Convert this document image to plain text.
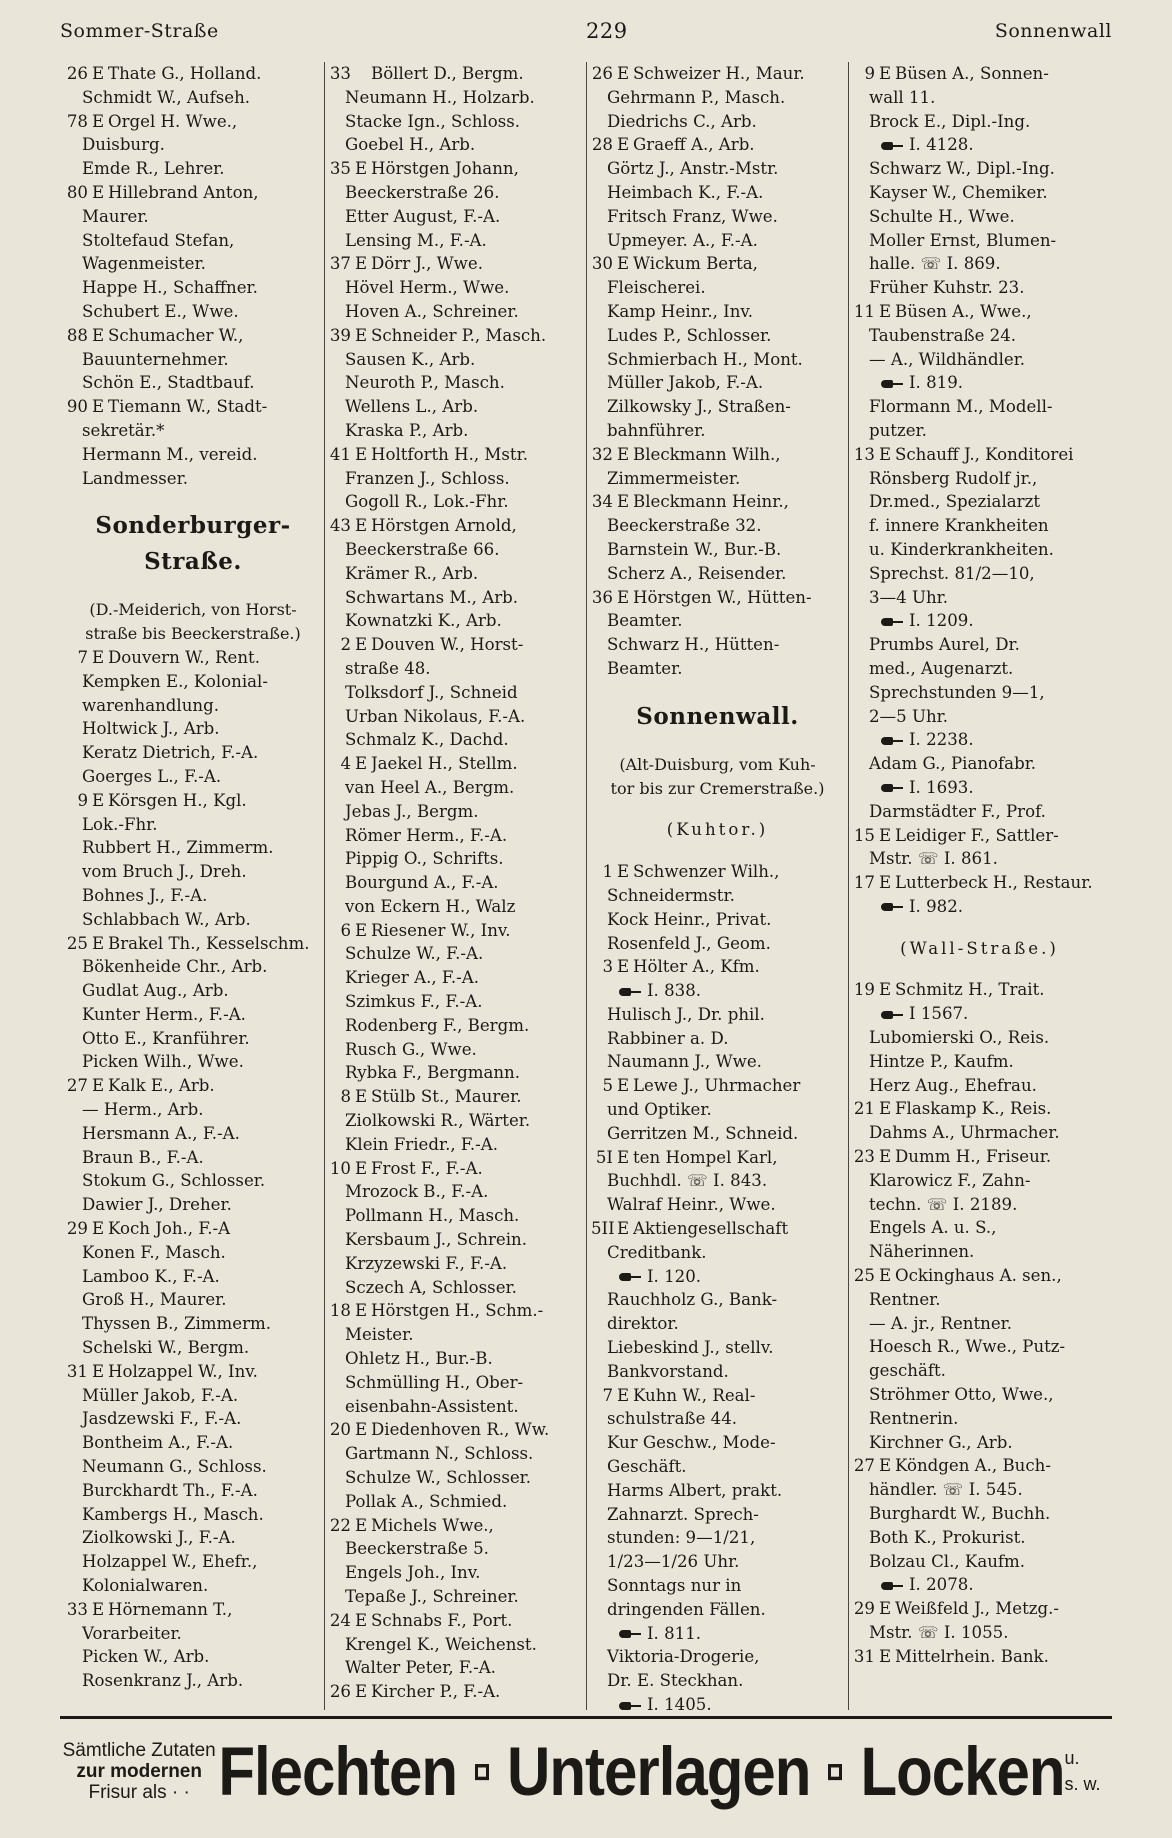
Sommer-Straße	229	Sonnenwall
26 E Thate G., Holland.
Schmidt W., Aufseh.
78 E Orgel H. Wwe.,
Duisburg.
Emde R., Lehrer.
80 E Hillebrand Anton,
Maurer.
Stoltefaud Stefan,
Wagenmeister.
Happe H., Schaffner.
Schubert E., Wwe.
88 E Schumacher W.,
Bauunternehmer.
Schön E., Stadtbauf.
90 E Tiemann W., Stadt-
sekretär.*
Hermann M., vereid.
Landmesser.
Sonderburger-
Straße.
(D.-Meiderich, von Horst-
straße bis Beeckerstraße.)
7 E Douvern W., Rent.
Kempken E., Kolonial-
warenhandlung.
Holtwick J., Arb.
Keratz Dietrich, F.-A.
Goerges L., F.-A.
9 E Körsgen H., Kgl.
Lok.-Fhr.
Rubbert H., Zimmerm.
vom Bruch J., Dreh.
Bohnes J., F.-A.
Schlabbach W., Arb.
25 E Brakel Th., Kesselschm.
Bökenheide Chr., Arb.
Gudlat Aug., Arb.
Kunter Herm., F.-A.
Otto E., Kranführer.
Picken Wilh., Wwe.
27 E Kalk E., Arb.
— Herm., Arb.
Hersmann A., F.-A.
Braun B., F.-A.
Stokum G., Schlosser.
Dawier J., Dreher.
29 E Koch Joh., F.-A
Konen F., Masch.
Lamboo K., F.-A.
Groß H., Maurer.
Thyssen B., Zimmerm.
Schelski W., Bergm.
31 E Holzappel W., Inv.
Müller Jakob, F.-A.
Jasdzewski F., F.-A.
Bontheim A., F.-A.
Neumann G., Schloss.
Burckhardt Th., F.-A.
Kambergs H., Masch.
Ziolkowski J., F.-A.
Holzappel W., Ehefr.,
Kolonialwaren.
33 E Hörnemann T.,
Vorarbeiter.
Picken W., Arb.
Rosenkranz J., Arb.
33 Böllert D., Bergm.
Neumann H., Holzarb.
Stacke Ign., Schloss.
Goebel H., Arb.
35 E Hörstgen Johann,
Beeckerstraße 26.
Etter August, F.-A.
Lensing M., F.-A.
37 E Dörr J., Wwe.
Hövel Herm., Wwe.
Hoven A., Schreiner.
39 E Schneider P., Masch.
Sausen K., Arb.
Neuroth P., Masch.
Wellens L., Arb.
Kraska P., Arb.
41 E Holtforth H., Mstr.
Franzen J., Schloss.
Gogoll R., Lok.-Fhr.
43 E Hörstgen Arnold,
Beeckerstraße 66.
Krämer R., Arb.
Schwartans M., Arb.
Kownatzki K., Arb.
2 E Douven W., Horst-
straße 48.
Tolksdorf J., Schneid
Urban Nikolaus, F.-A.
Schmalz K., Dachd.
4 E Jaekel H., Stellm.
van Heel A., Bergm.
Jebas J., Bergm.
Römer Herm., F.-A.
Pippig O., Schrifts.
Bourgund A., F.-A.
von Eckern H., Walz
6 E Riesener W., Inv.
Schulze W., F.-A.
Krieger A., F.-A.
Szimkus F., F.-A.
Rodenberg F., Bergm.
Rusch G., Wwe.
Rybka F., Bergmann.
8 E Stülb St., Maurer.
Ziolkowski R., Wärter.
Klein Friedr., F.-A.
10 E Frost F., F.-A.
Mrozock B., F.-A.
Pollmann H., Masch.
Kersbaum J., Schrein.
Krzyzewski F., F.-A.
Sczech A, Schlosser.
18 E Hörstgen H., Schm.-
Meister.
Ohletz H., Bur.-B.
Schmülling H., Ober-
eisenbahn-Assistent.
20 E Diedenhoven R., Ww.
Gartmann N., Schloss.
Schulze W., Schlosser.
Pollak A., Schmied.
22 E Michels Wwe.,
Beeckerstraße 5.
Engels Joh., Inv.
Tepaße J., Schreiner.
24 E Schnabs F., Port.
Krengel K., Weichenst.
Walter Peter, F.-A.
26 E Kircher P., F.-A.
26 E Schweizer H., Maur.
Gehrmann P., Masch.
Diedrichs C., Arb.
28 E Graeff A., Arb.
Görtz J., Anstr.-Mstr.
Heimbach K., F.-A.
Fritsch Franz, Wwe.
Upmeyer. A., F.-A.
30 E Wickum Berta,
Fleischerei.
Kamp Heinr., Inv.
Ludes P., Schlosser.
Schmierbach H., Mont.
Müller Jakob, F.-A.
Zilkowsky J., Straßen-
bahnführer.
32 E Bleckmann Wilh.,
Zimmermeister.
34 E Bleckmann Heinr.,
Beeckerstraße 32.
Barnstein W., Bur.-B.
Scherz A., Reisender.
36 E Hörstgen W., Hütten-
Beamter.
Schwarz H., Hütten-
Beamter.
Sonnenwall.
(Alt-Duisburg, vom Kuh-
tor bis zur Cremerstraße.)
(Kuhtor.)
1 E Schwenzer Wilh.,
Schneidermstr.
Kock Heinr., Privat.
Rosenfeld J., Geom.
3 E Hölter A., Kfm.
I. 838.
Hulisch J., Dr. phil.
Rabbiner a. D.
Naumann J., Wwe.
5 E Lewe J., Uhrmacher
und Optiker.
Gerritzen M., Schneid.
5I E ten Hompel Karl,
Buchhdl. ☏ I. 843.
Walraf Heinr., Wwe.
5II E Aktiengesellschaft
Creditbank.
I. 120.
Rauchholz G., Bank-
direktor.
Liebeskind J., stellv.
Bankvorstand.
7 E Kuhn W., Real-
schulstraße 44.
Kur Geschw., Mode-
Geschäft.
Harms Albert, prakt.
Zahnarzt. Sprech-
stunden: 9—1/21,
1/23—1/26 Uhr.
Sonntags nur in
dringenden Fällen.
I. 811.
Viktoria-Drogerie,
Dr. E. Steckhan.
I. 1405.
9 E Büsen A., Sonnen-
wall 11.
Brock E., Dipl.-Ing.
I. 4128.
Schwarz W., Dipl.-Ing.
Kayser W., Chemiker.
Schulte H., Wwe.
Moller Ernst, Blumen-
halle. ☏ I. 869.
Früher Kuhstr. 23.
11 E Büsen A., Wwe.,
Taubenstraße 24.
— A., Wildhändler.
I. 819.
Flormann M., Modell-
putzer.
13 E Schauff J., Konditorei
Rönsberg Rudolf jr.,
Dr.med., Spezialarzt
f. innere Krankheiten
u. Kinderkrankheiten.
Sprechst. 81/2—10,
3—4 Uhr.
I. 1209.
Prumbs Aurel, Dr.
med., Augenarzt.
Sprechstunden 9—1,
2—5 Uhr.
I. 2238.
Adam G., Pianofabr.
I. 1693.
Darmstädter F., Prof.
15 E Leidiger F., Sattler-
Mstr. ☏ I. 861.
17 E Lutterbeck H., Restaur.
I. 982.
(Wall-Straße.)
19 E Schmitz H., Trait.
I 1567.
Lubomierski O., Reis.
Hintze P., Kaufm.
Herz Aug., Ehefrau.
21 E Flaskamp K., Reis.
Dahms A., Uhrmacher.
23 E Dumm H., Friseur.
Klarowicz F., Zahn-
techn. ☏ I. 2189.
Engels A. u. S.,
Näherinnen.
25 E Ockinghaus A. sen.,
Rentner.
— A. jr., Rentner.
Hoesch R., Wwe., Putz-
geschäft.
Ströhmer Otto, Wwe.,
Rentnerin.
Kirchner G., Arb.
27 E Köndgen A., Buch-
händler. ☏ I. 545.
Burghardt W., Buchh.
Both K., Prokurist.
Bolzau Cl., Kaufm.
I. 2078.
29 E Weißfeld J., Metzg.-
Mstr. ☏ I. 1055.
31 E Mittelrhein. Bank.
Sämtliche Zutaten
zur modernen
Frisur als · · Flechten Unterlagen Locken u.
s. w.
